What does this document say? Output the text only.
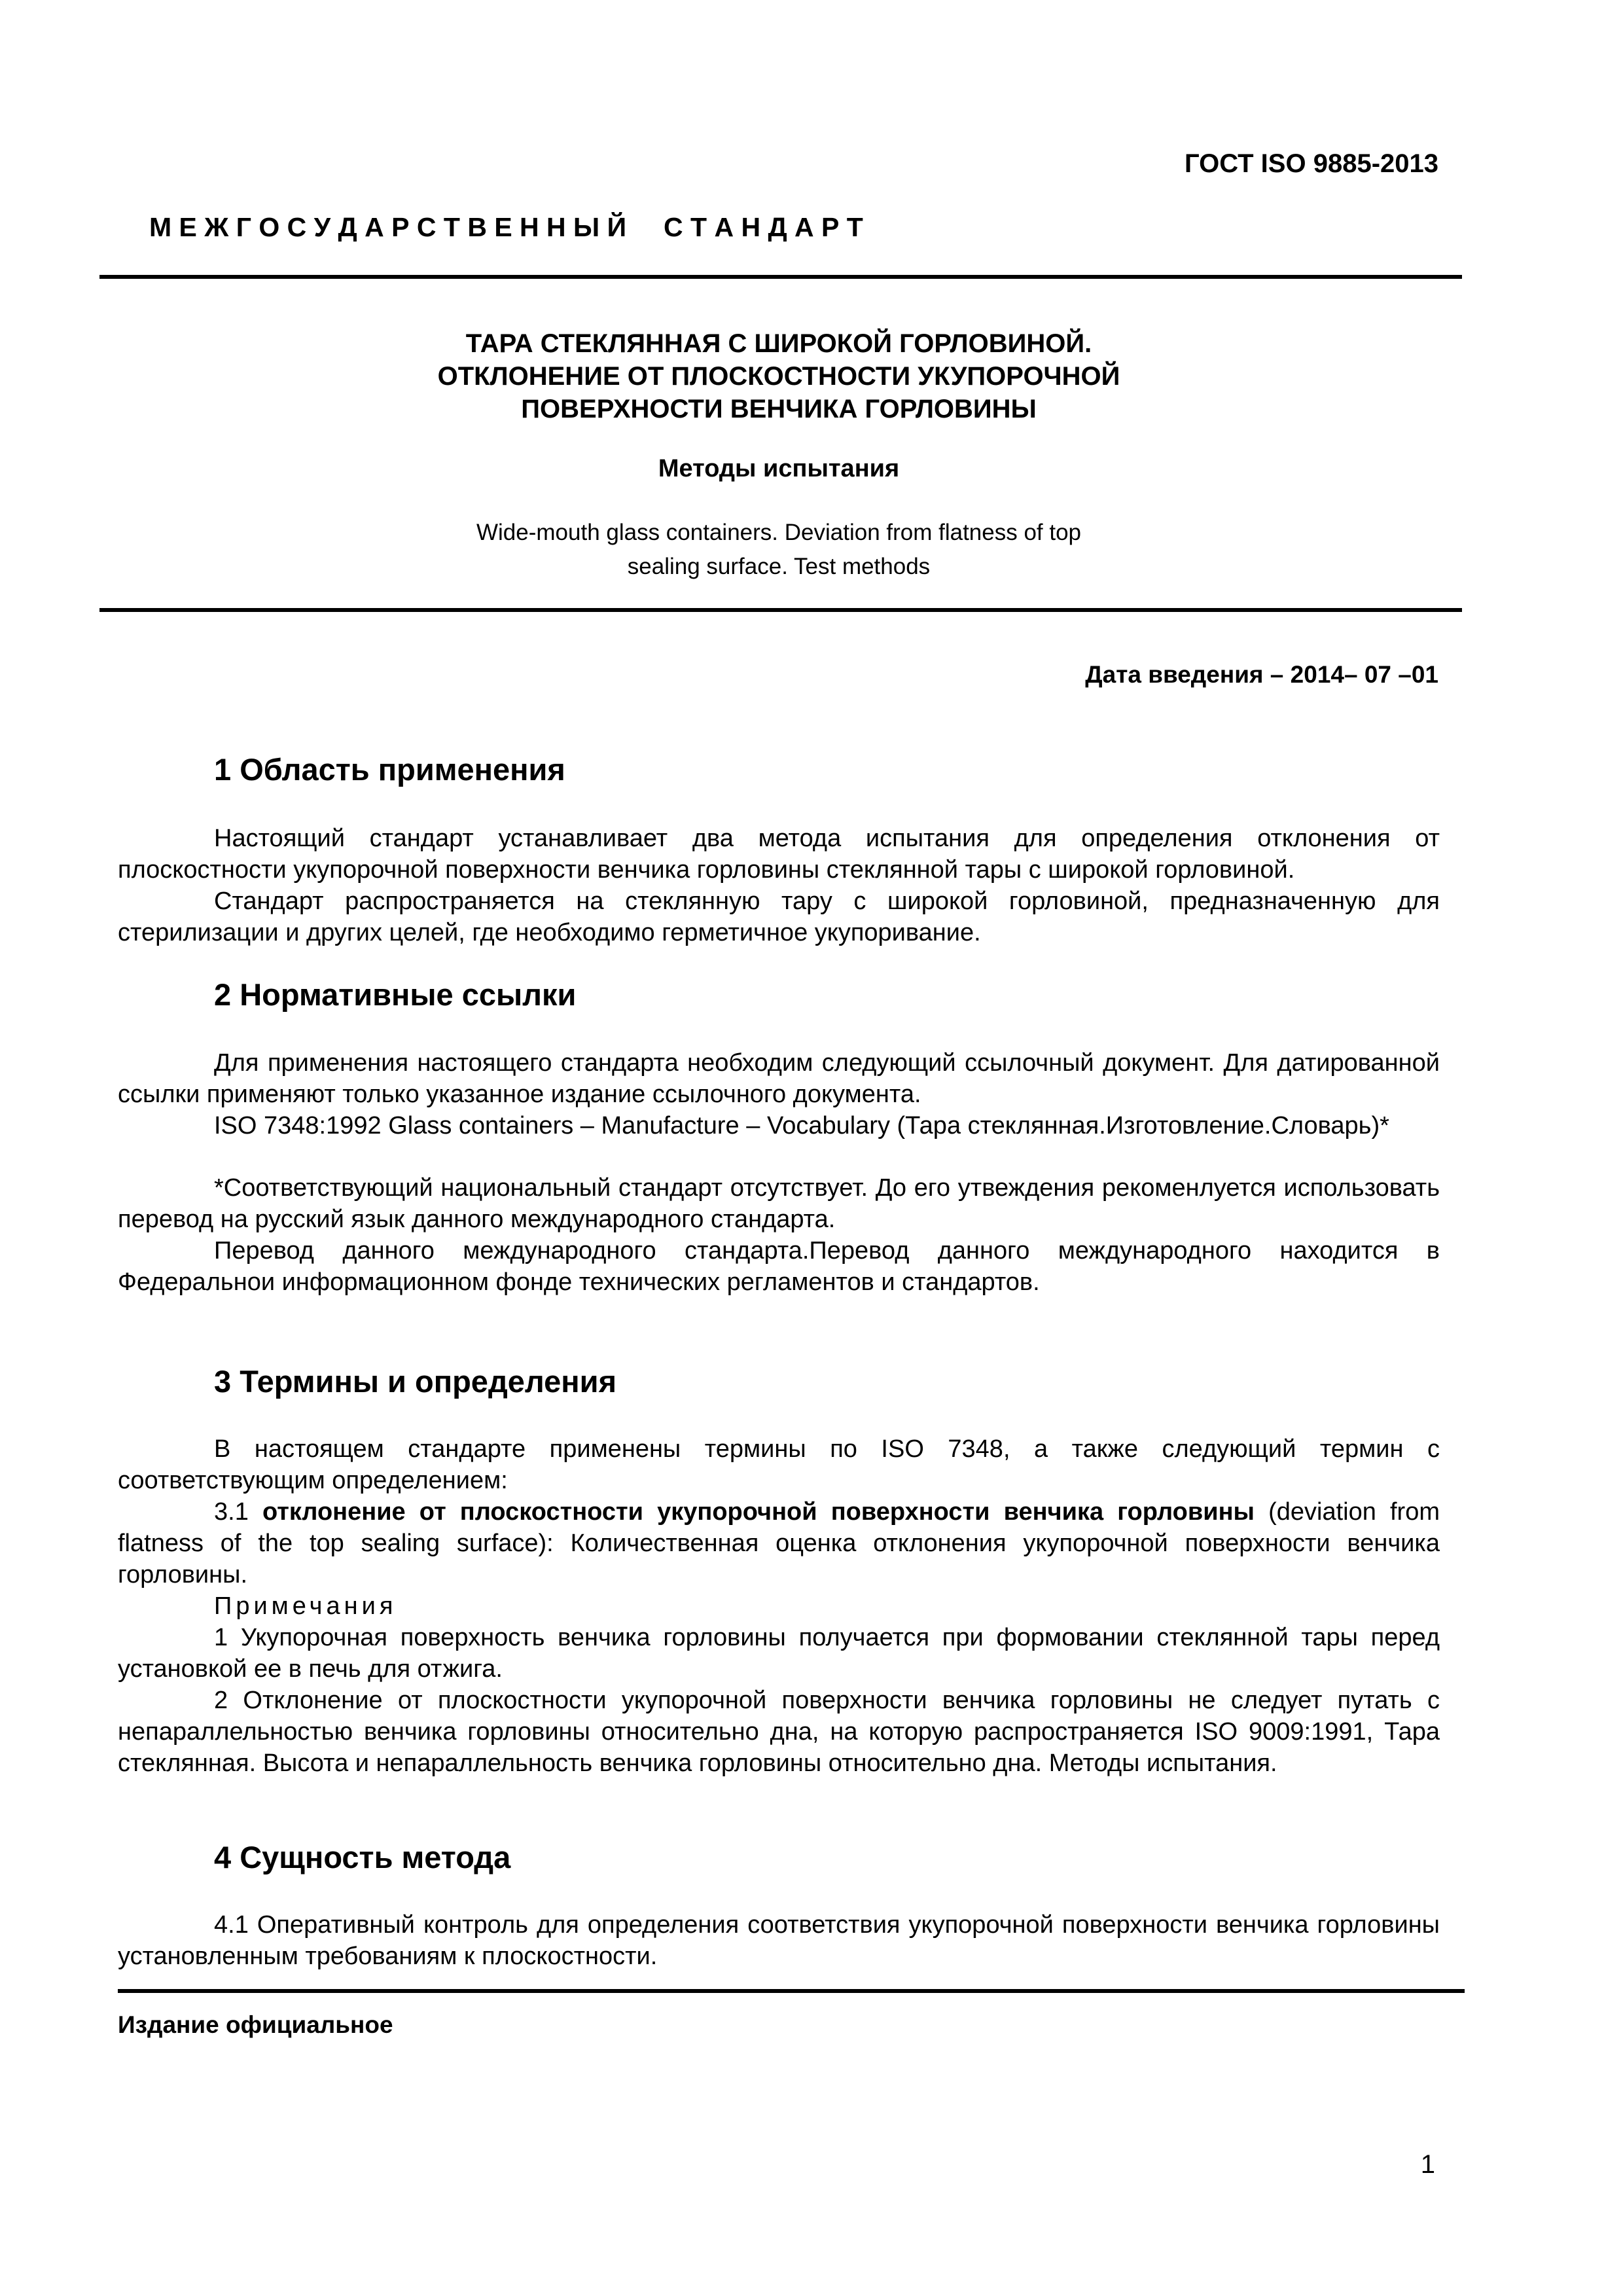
ГОСТ ISO 9885-2013
М Е Ж Г О С У Д А Р С Т В Е Н Н Ы Й     С Т А Н Д А Р Т
ТАРА СТЕКЛЯННАЯ С ШИРОКОЙ ГОРЛОВИНОЙ.
ОТКЛОНЕНИЕ ОТ ПЛОСКОСТНОСТИ УКУПОРОЧНОЙ
ПОВЕРХНОСТИ ВЕНЧИКА ГОРЛОВИНЫ
Методы испытания
Wide-mouth glass containers. Deviation from flatness of top
sealing surface. Test methods
Дата введения – 2014– 07 –01
1 Область применения

Настоящий стандарт устанавливает два метода испытания для определения отклонения от плоскостности укупорочной поверхности венчика горловины стеклянной тары с широкой горловиной.

Стандарт распространяется на стеклянную тару с широкой горловиной, предназначенную для стерилизации и других целей, где необходимо герметичное укупоривание.

2 Нормативные ссылки

Для применения настоящего стандарта необходим следующий ссылочный документ. Для датированной ссылки применяют только указанное издание ссылочного документа.

ISO 7348:1992 Glass containers – Manufacture – Vocabulary (Тара стеклянная.Изготовление.Словарь)*

*Соответствующий национальный стандарт отсутствует. До его утвеждения рекоменлуется использовать перевод на русский язык данного международного стандарта.

Перевод данного международного стандарта.Перевод данного международного находится в Федеральнои информационном фонде технических регламентов и стандартов.

3 Термины и определения

В настоящем стандарте применены термины по ISO 7348, а также следующий термин с соответствующим определением:

3.1 отклонение от плоскостности укупорочной поверхности венчика горловины (deviation from flatness of the top sealing surface): Количественная оценка отклонения укупорочной поверхности венчика горловины.

Примечания

1 Укупорочная поверхность венчика горловины получается при формовании стеклянной тары перед установкой ее в печь для отжига.

2 Отклонение от плоскостности укупорочной поверхности венчика горловины не следует путать с непараллельностью венчика горловины относительно дна, на которую распространяется ISO 9009:1991, Тара стеклянная. Высота и непараллельность венчика горловины относительно дна. Методы испытания.

4 Сущность метода

4.1 Оперативный контроль для определения соответствия укупорочной поверхности венчика горловины установленным требованиям к плоскостности.

Издание официальное
1
